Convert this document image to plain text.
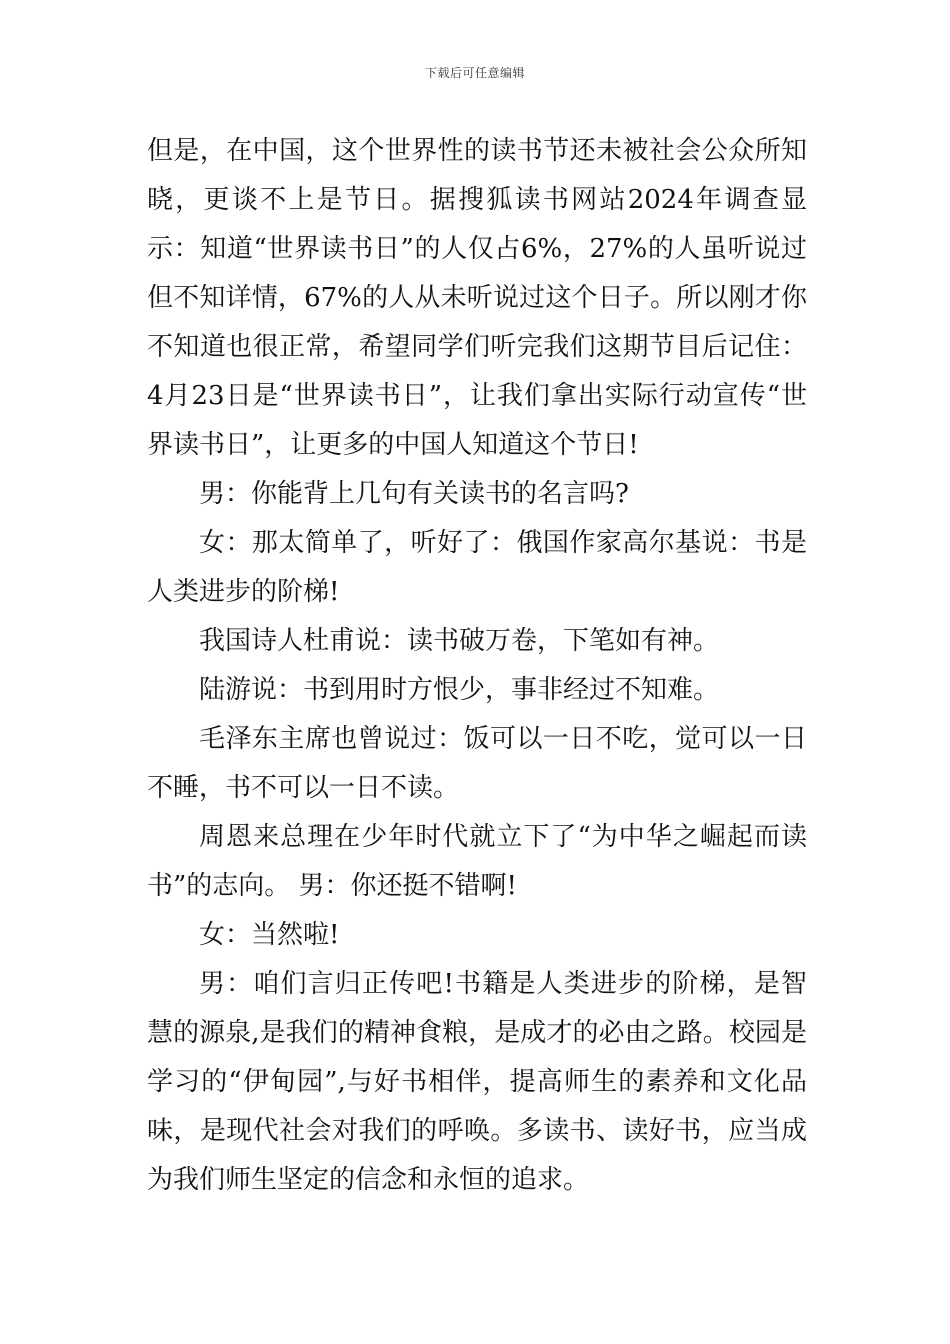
下载后可任意编辑

但是，在中国，这个世界性的读书节还未被社会公众所知晓，更谈不上是节日。据搜狐读书网站2024年调查显示：知道“世界读书日”的人仅占6%，27%的人虽听说过但不知详情，67%的人从未听说过这个日子。所以刚才你不知道也很正常，希望同学们听完我们这期节目后记住：4月23日是“世界读书日”，让我们拿出实际行动宣传“世界读书日”，让更多的中国人知道这个节日!

男：你能背上几句有关读书的名言吗?

女：那太简单了，听好了：俄国作家高尔基说：书是人类进步的阶梯!

我国诗人杜甫说：读书破万卷，下笔如有神。

陆游说：书到用时方恨少，事非经过不知难。

毛泽东主席也曾说过：饭可以一日不吃，觉可以一日不睡，书不可以一日不读。

周恩来总理在少年时代就立下了“为中华之崛起而读书”的志向。 男：你还挺不错啊!

女：当然啦!

男：咱们言归正传吧!书籍是人类进步的阶梯，是智慧的源泉,是我们的精神食粮，是成才的必由之路。校园是学习的“伊甸园”,与好书相伴，提高师生的素养和文化品味，是现代社会对我们的呼唤。多读书、读好书，应当成为我们师生坚定的信念和永恒的追求。
